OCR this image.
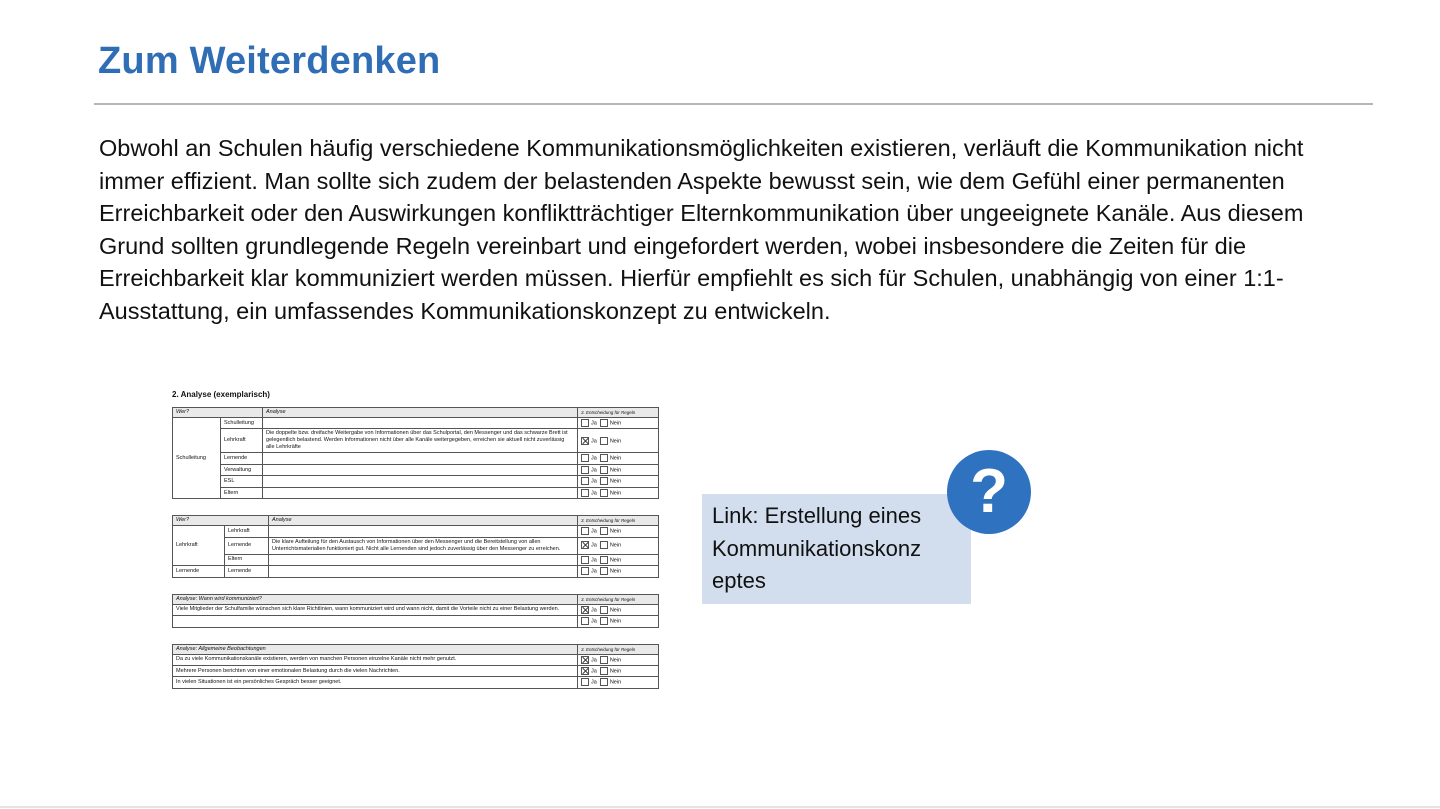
Zum Weiterdenken
Obwohl an Schulen häufig verschiedene Kommunikationsmöglichkeiten existieren, verläuft die Kommunikation nicht immer effizient. Man sollte sich zudem der belastenden Aspekte bewusst sein, wie dem Gefühl einer permanenten Erreichbarkeit oder den Auswirkungen konfliktträchtiger Elternkommunikation über ungeeignete Kanäle. Aus diesem Grund sollten grundlegende Regeln vereinbart und eingefordert werden, wobei insbesondere die Zeiten für die Erreichbarkeit klar kommuniziert werden müssen. Hierfür empfiehlt es sich für Schulen, unabhängig von einer 1:1-Ausstattung, ein umfassendes Kommunikationskonzept zu entwickeln.
2. Analyse (exemplarisch)
Wer?		Analyse	3. Entscheidung für Regeln
Schulleitung	Schulleitung		Ja Nein
	Lehrkraft	Die doppelte bzw. dreifache Weitergabe von Informationen über das Schulportal, den Messenger und das schwarze Brett ist gelegentlich belastend. Werden Informationen nicht über alle Kanäle weitergegeben, erreichen sie aktuell nicht zuverlässig alle Lehrkräfte	Ja Nein
	Lernende		Ja Nein
	Verwaltung		Ja Nein
	ESL		Ja Nein
	Eltern		Ja Nein
Wer?		Analyse	3. Entscheidung für Regeln
Lehrkraft	Lehrkraft		Ja Nein
	Lernende	Die klare Aufteilung für den Austausch von Informationen über den Messenger und die Bereitstellung von allen Unterrichtsmaterialien funktioniert gut. Nicht alle Lernenden sind jedoch zuverlässig über den Messenger zu erreichen.	Ja Nein
	Eltern		Ja Nein
Lernende	Lernende		Ja Nein
Analyse: Wann wird kommuniziert?	3. Entscheidung für Regeln
Viele Mitglieder der Schulfamilie wünschen sich klare Richtlinien, wann kommuniziert wird und wann nicht, damit die Vorteile nicht zu einer Belastung werden.	Ja Nein
	Ja Nein
Analyse: Allgemeine Beobachtungen	3. Entscheidung für Regeln
Da zu viele Kommunikationskanäle existieren, werden von manchen Personen einzelne Kanäle nicht mehr genutzt.	Ja Nein
Mehrere Personen berichten von einer emotionalen Belastung durch die vielen Nachrichten.	Ja Nein
In vielen Situationen ist ein persönliches Gespräch besser geeignet.	Ja Nein
Link: Erstellung eines Kommunikationskonz eptes
?
